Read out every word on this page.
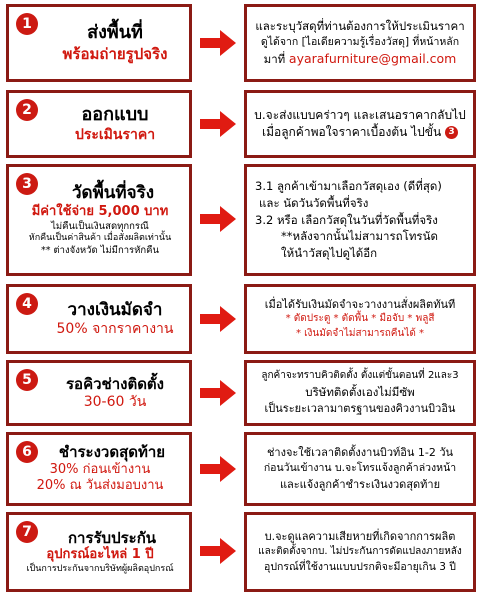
1	ส่งพื้นที่
พร้อมถ่ายรูปจริง
และระบุวัสดุที่ท่านต้องการให้ประเมินราคา
ดูได้จาก [ไอเดียความรู้เรื่องวัสดุ] ที่หน้าหลัก
มาที่ ayarafurniture@gmail.com
2	ออกแบบ
ประเมินราคา
บ.จะส่งแบบคร่าวๆ และเสนอราคากลับไป
เมื่อลูกค้าพอใจราคาเบื้องต้น ไปขั้น 3
3	วัดพื้นที่จริง
มีค่าใช้จ่าย 5,000 บาท
ไม่คืนเป็นเงินสดทุกกรณี
หักคืนเป็นค่าสินค้า เมื่อสั่งผลิตเท่านั้น
** ต่างจังหวัด ไม่มีการหักคืน
3.1 ลูกค้าเข้ามาเลือกวัสดุเอง (ดีที่สุด)
และ นัดวันวัดพื้นที่จริง
3.2 หรือ เลือกวัสดุในวันที่วัดพื้นที่จริง
**หลังจากนั้นไม่สามารถโทรนัด
ให้นำวัสดุไปดูได้อีก
4	วางเงินมัดจำ
50% จากราคางาน
เมื่อได้รับเงินมัดจำจะวางงานสั่งผลิตทันที
* ตัดประตู * ตัดพื้น * มือจับ * พลูสี
* เงินมัดจำไม่สามารถคืนได้ *
5	รอคิวช่างติดตั้ง
30-60 วัน
ลูกค้าจะทราบคิวติดตั้ง ตั้งแต่ขั้นตอนที่ 2และ3
บริษัทติดตั้งเองไม่มีซัพ
เป็นระยะเวลามาตรฐานของคิวงานบิวอิน
6	ชำระงวดสุดท้าย
30% ก่อนเข้างาน
20% ณ วันส่งมอบงาน
ช่างจะใช้เวลาติดตั้งงานบิวท์อิน 1-2 วัน
ก่อนวันเข้างาน บ.จะโทรแจ้งลูกค้าล่วงหน้า
และแจ้งลูกค้าชำระเงินงวดสุดท้าย
7	การรับประกัน
อุปกรณ์อะไหล่ 1 ปี
เป็นการประกันจากบริษัทผู้ผลิตอุปกรณ์
บ.จะดูแลความเสียหายที่เกิดจากการผลิต
และติดตั้งจากบ. ไม่ประกันการดัดแปลงภายหลัง
อุปกรณ์ที่ใช้งานแบบปรกติจะมีอายุเกิน 3 ปี
